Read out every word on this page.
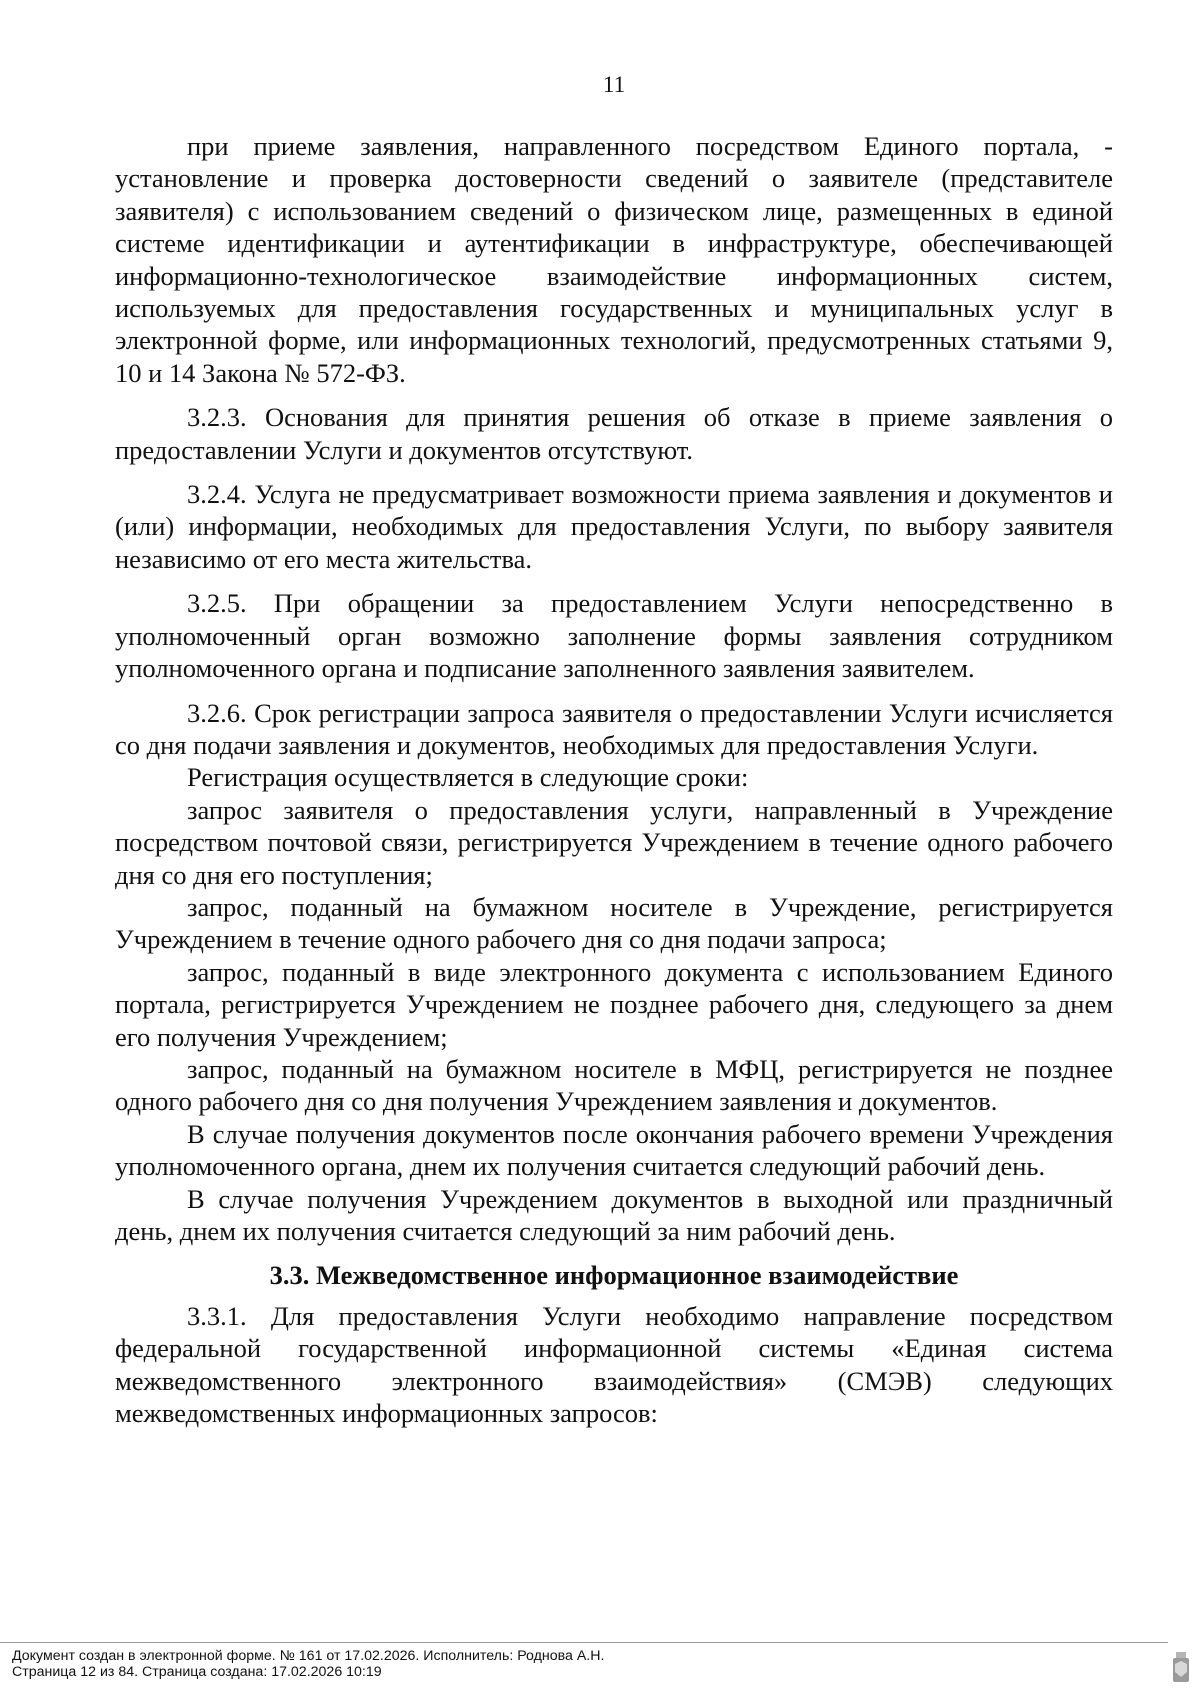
11

при приеме заявления, направленного посредством Единого портала, - установление и проверка достоверности сведений о заявителе (представителе заявителя) с использованием сведений о физическом лице, размещенных в единой системе идентификации и аутентификации в инфраструктуре, обеспечивающей информационно-технологическое взаимодействие информационных систем, используемых для предоставления государственных и муниципальных услуг в электронной форме, или информационных технологий, предусмотренных статьями 9, 10 и 14 Закона № 572-ФЗ.

3.2.3. Основания для принятия решения об отказе в приеме заявления о предоставлении Услуги и документов отсутствуют.

3.2.4. Услуга не предусматривает возможности приема заявления и документов и (или) информации, необходимых для предоставления Услуги, по выбору заявителя независимо от его места жительства.

3.2.5. При обращении за предоставлением Услуги непосредственно в уполномоченный орган возможно заполнение формы заявления сотрудником уполномоченного органа и подписание заполненного заявления заявителем.

3.2.6. Срок регистрации запроса заявителя о предоставлении Услуги исчисляется со дня подачи заявления и документов, необходимых для предоставления Услуги.

Регистрация осуществляется в следующие сроки:

запрос заявителя о предоставления услуги, направленный в Учреждение посредством почтовой связи, регистрируется Учреждением в течение одного рабочего дня со дня его поступления;

запрос, поданный на бумажном носителе в Учреждение, регистрируется Учреждением в течение одного рабочего дня со дня подачи запроса;

запрос, поданный в виде электронного документа с использованием Единого портала, регистрируется Учреждением не позднее рабочего дня, следующего за днем его получения Учреждением;

запрос, поданный на бумажном носителе в МФЦ, регистрируется не позднее одного рабочего дня со дня получения Учреждением заявления и документов.

В случае получения документов после окончания рабочего времени Учреждения уполномоченного органа, днем их получения считается следующий рабочий день.

В случае получения Учреждением документов в выходной или праздничный день, днем их получения считается следующий за ним рабочий день.

3.3. Межведомственное информационное взаимодействие

3.3.1. Для предоставления Услуги необходимо направление посредством федеральной государственной информационной системы «Единая система межведомственного электронного взаимодействия» (СМЭВ) следующих межведомственных информационных запросов:

Документ создан в электронной форме. № 161 от 17.02.2026. Исполнитель: Роднова А.Н.
Страница 12 из 84. Страница создана: 17.02.2026 10:19
